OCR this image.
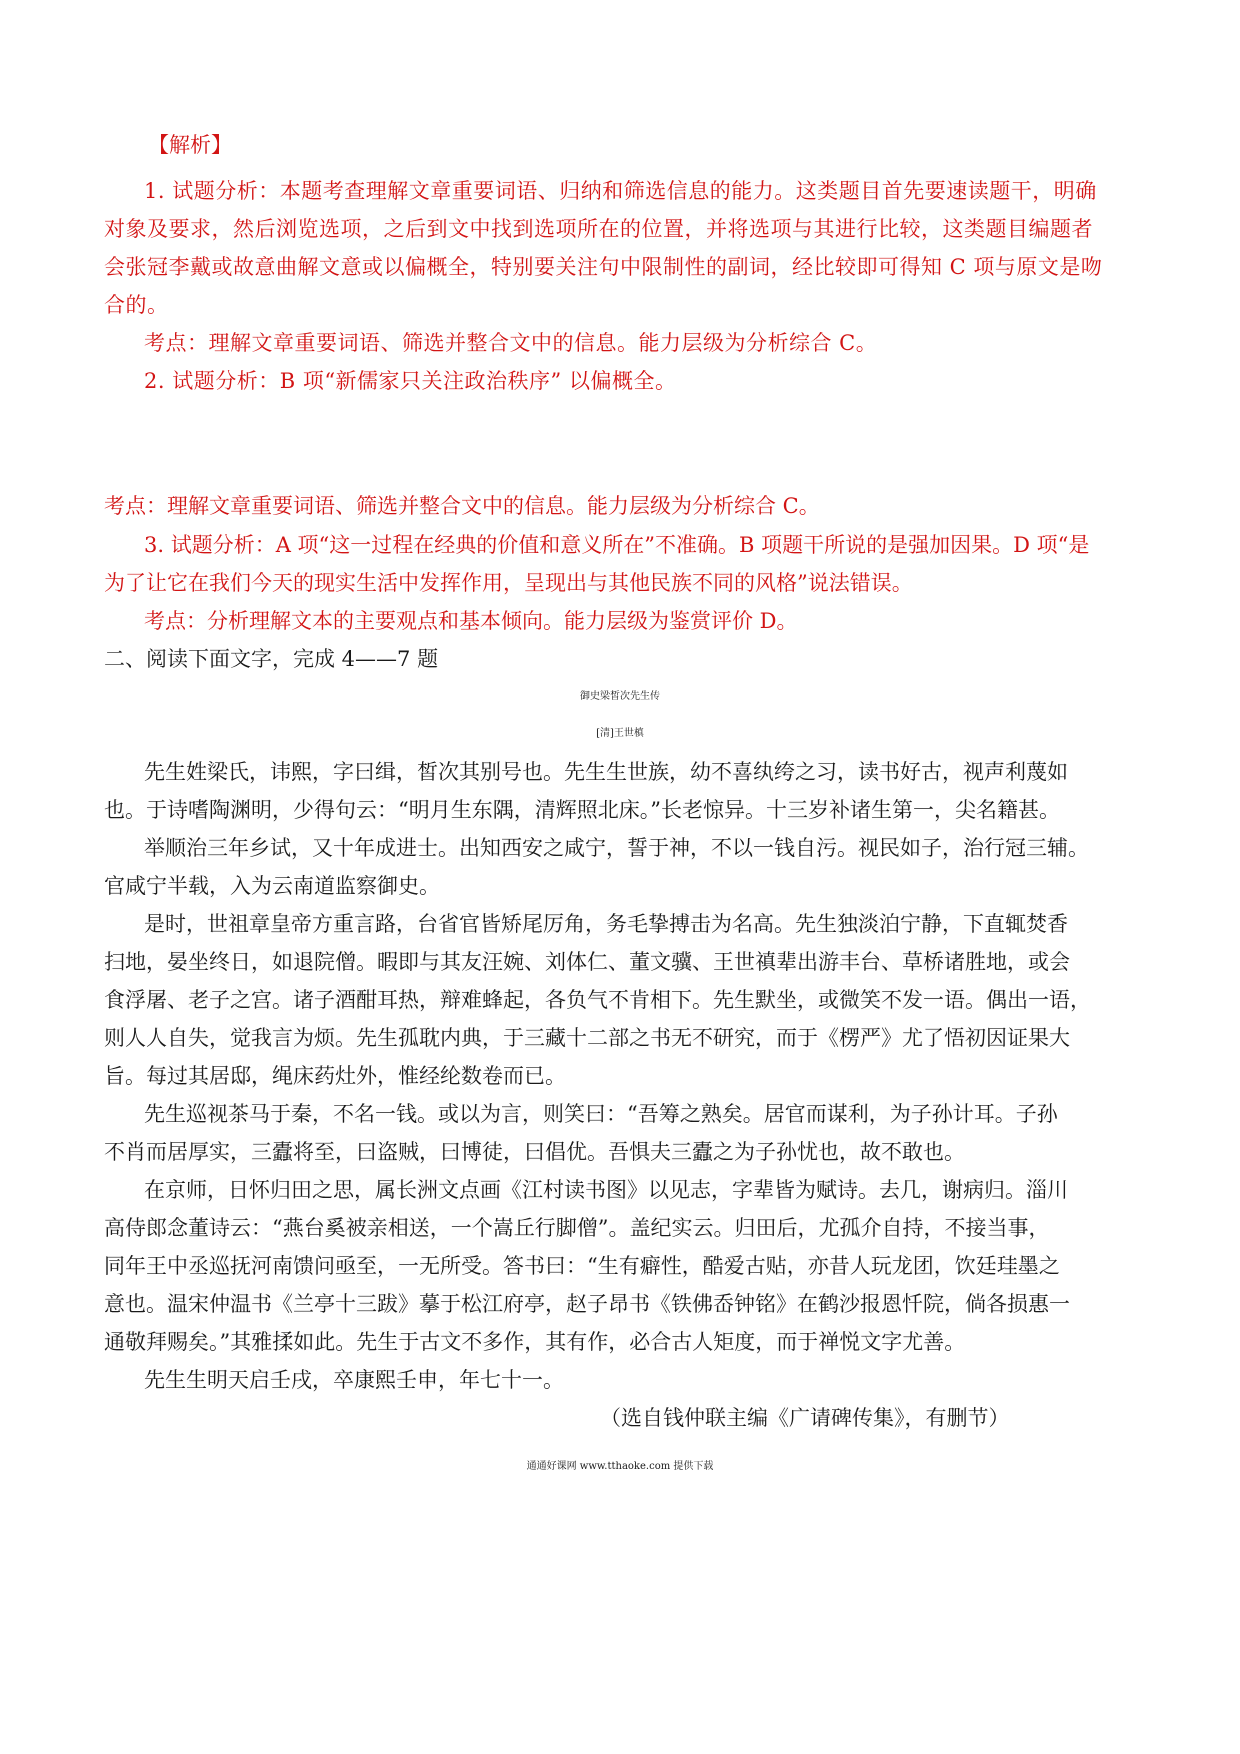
【解析】
1. 试题分析：本题考查理解文章重要词语、归纳和筛选信息的能力。这类题目首先要速读题干，明确
对象及要求，然后浏览选项，之后到文中找到选项所在的位置，并将选项与其进行比较，这类题目编题者
会张冠李戴或故意曲解文意或以偏概全，特别要关注句中限制性的副词，经比较即可得知 C 项与原文是吻
合的。
考点：理解文章重要词语、筛选并整合文中的信息。能力层级为分析综合 C。
2. 试题分析：B 项“新儒家只关注政治秩序” 以偏概全。
考点：理解文章重要词语、筛选并整合文中的信息。能力层级为分析综合 C。
3. 试题分析：A 项“这一过程在经典的价值和意义所在”不准确。B 项题干所说的是强加因果。D 项“是
为了让它在我们今天的现实生活中发挥作用，呈现出与其他民族不同的风格”说法错误。
考点：分析理解文本的主要观点和基本倾向。能力层级为鉴赏评价 D。
二、阅读下面文字，完成 4——7 题
御史梁皙次先生传
[清]王世槙
先生姓梁氏，讳熙，字曰缉，皙次其别号也。先生生世族，幼不喜纨绔之习，读书好古，视声利蔑如
也。于诗嗜陶渊明，少得句云：“明月生东隅，清辉照北床。”长老惊异。十三岁补诸生第一，尖名籍甚。
举顺治三年乡试，又十年成进士。出知西安之咸宁，誓于神，不以一钱自污。视民如子，治行冠三辅。
官咸宁半载，入为云南道监察御史。
是时，世祖章皇帝方重言路，台省官皆矫尾厉角，务毛挚搏击为名高。先生独淡泊宁静，下直辄焚香
扫地，晏坐终日，如退院僧。暇即与其友汪婉、刘体仁、董文骥、王世禛辈出游丰台、草桥诸胜地，或会
食浮屠、老子之宫。诸子酒酣耳热，辩难蜂起，各负气不肯相下。先生默坐，或微笑不发一语。偶出一语，
则人人自失，觉我言为烦。先生孤耽内典，于三藏十二部之书无不研究，而于《楞严》尤了悟初因证果大
旨。每过其居邸，绳床药灶外，惟经纶数卷而已。
先生巡视茶马于秦，不名一钱。或以为言，则笑曰：“吾筹之熟矣。居官而谋利，为子孙计耳。子孙
不肖而居厚实，三蠹将至，曰盗贼，曰博徒，曰倡优。吾惧夫三蠹之为子孙忧也，故不敢也。
在京师，日怀归田之思，属长洲文点画《江村读书图》以见志，字辈皆为赋诗。去几，谢病归。淄川
高侍郎念董诗云：“燕台奚被亲相送，一个嵩丘行脚僧”。盖纪实云。归田后，尤孤介自持，不接当事，
同年王中丞巡抚河南馈问亟至，一无所受。答书曰：“生有癖性，酷爱古贴，亦昔人玩龙团，饮廷珪墨之
意也。温宋仲温书《兰亭十三跋》摹于松江府亭，赵子昂书《铁佛岙钟铭》在鹤沙报恩忏院，倘各损惠一
通敬拜赐矣。”其雅揉如此。先生于古文不多作，其有作，必合古人矩度，而于禅悦文字尤善。
先生生明天启壬戌，卒康熙壬申，年七十一。
（选自钱仲联主编《广请碑传集》，有删节）
通通好课网 www.tthaoke.com 提供下载
